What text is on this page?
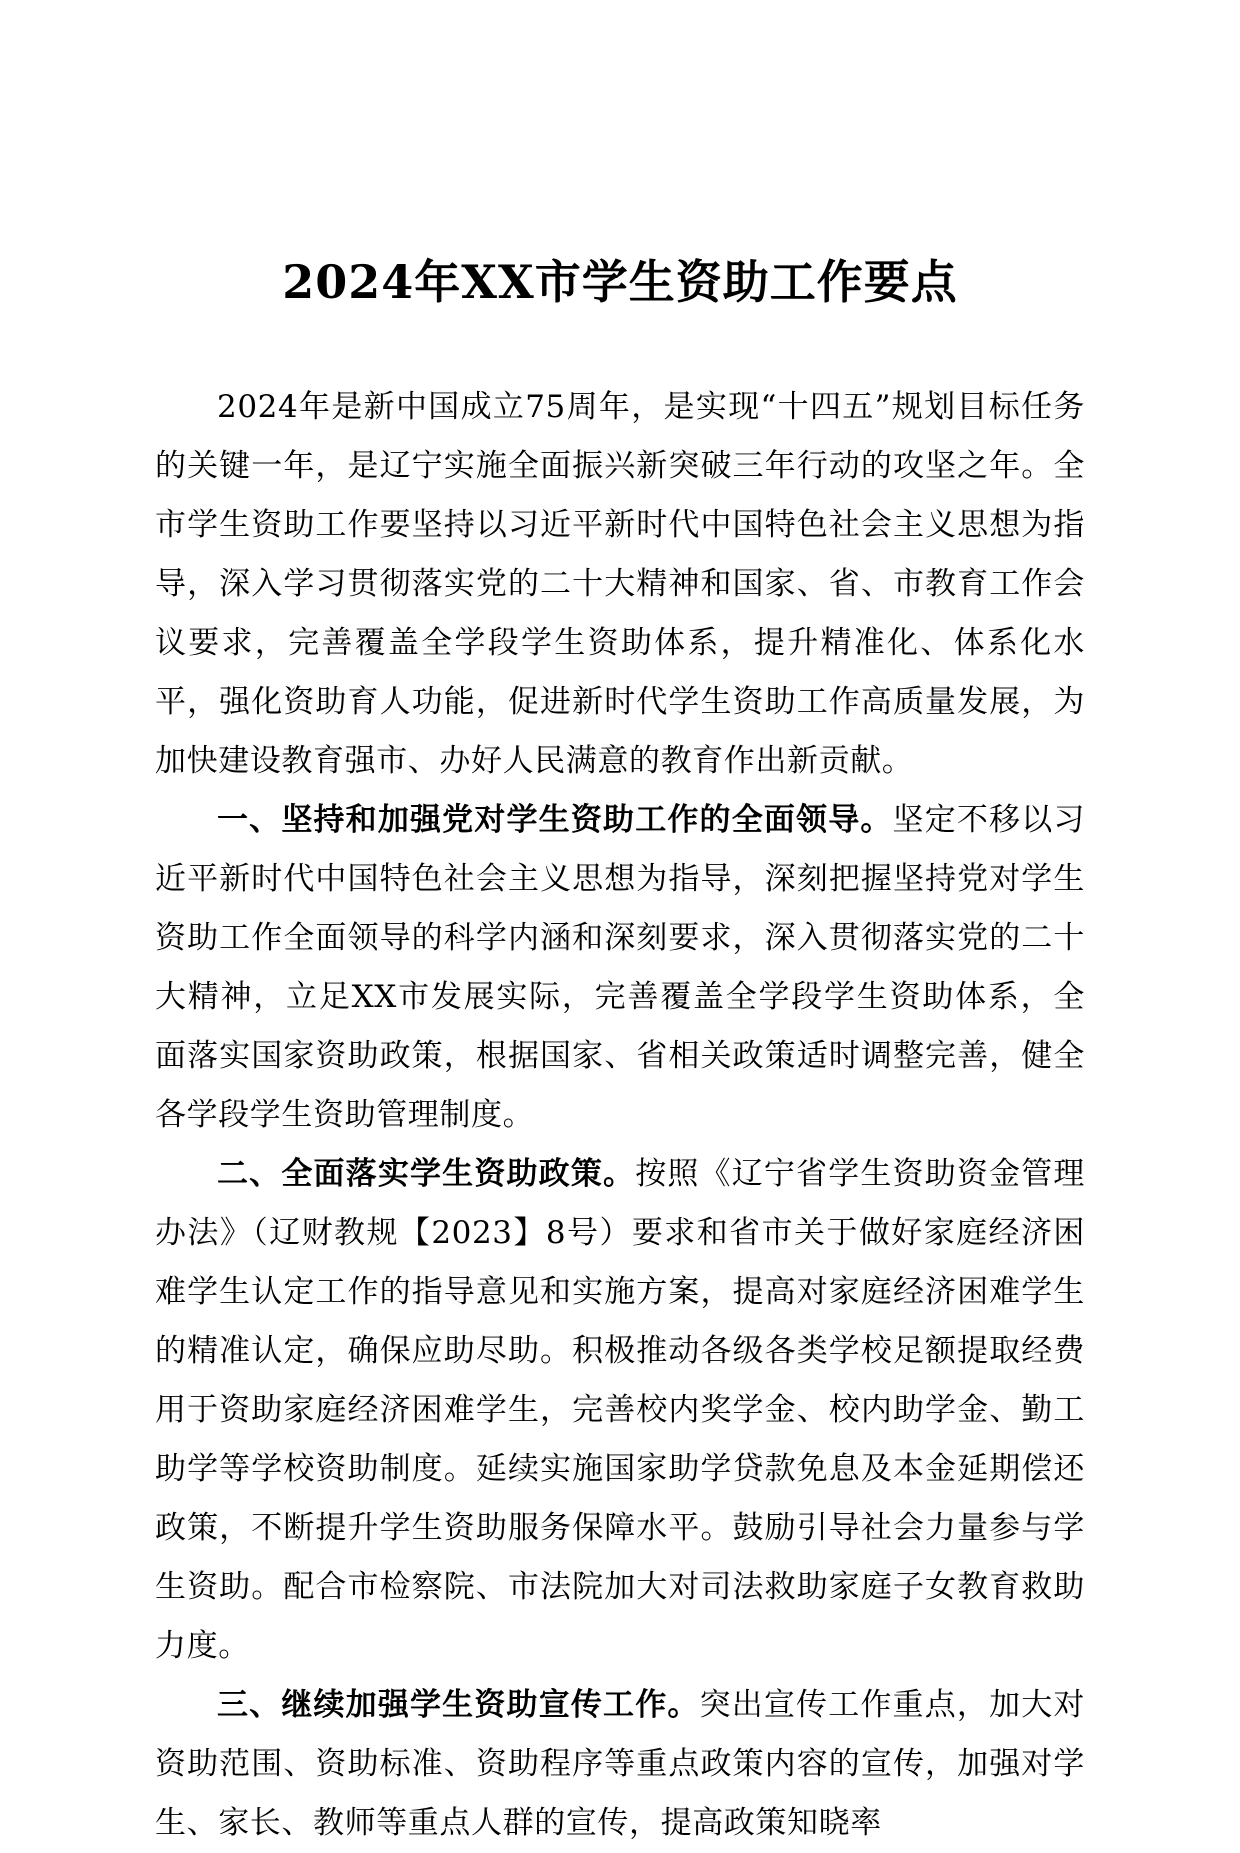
2024年XX市学生资助工作要点

2024年是新中国成立75周年，是实现“十四五”规划目标任务的关键一年，是辽宁实施全面振兴新突破三年行动的攻坚之年。全市学生资助工作要坚持以习近平新时代中国特色社会主义思想为指导，深入学习贯彻落实党的二十大精神和国家、省、市教育工作会议要求，完善覆盖全学段学生资助体系，提升精准化、体系化水平，强化资助育人功能，促进新时代学生资助工作高质量发展，为加快建设教育强市、办好人民满意的教育作出新贡献。

一、坚持和加强党对学生资助工作的全面领导。坚定不移以习近平新时代中国特色社会主义思想为指导，深刻把握坚持党对学生资助工作全面领导的科学内涵和深刻要求，深入贯彻落实党的二十大精神，立足XX市发展实际，完善覆盖全学段学生资助体系，全面落实国家资助政策，根据国家、省相关政策适时调整完善，健全各学段学生资助管理制度。

二、全面落实学生资助政策。按照《辽宁省学生资助资金管理办法》（辽财教规【2023】8号）要求和省市关于做好家庭经济困难学生认定工作的指导意见和实施方案，提高对家庭经济困难学生的精准认定，确保应助尽助。积极推动各级各类学校足额提取经费用于资助家庭经济困难学生，完善校内奖学金、校内助学金、勤工助学等学校资助制度。延续实施国家助学贷款免息及本金延期偿还政策，不断提升学生资助服务保障水平。鼓励引导社会力量参与学生资助。配合市检察院、市法院加大对司法救助家庭子女教育救助力度。

三、继续加强学生资助宣传工作。突出宣传工作重点，加大对资助范围、资助标准、资助程序等重点政策内容的宣传，加强对学生、家长、教师等重点人群的宣传，提高政策知晓率
